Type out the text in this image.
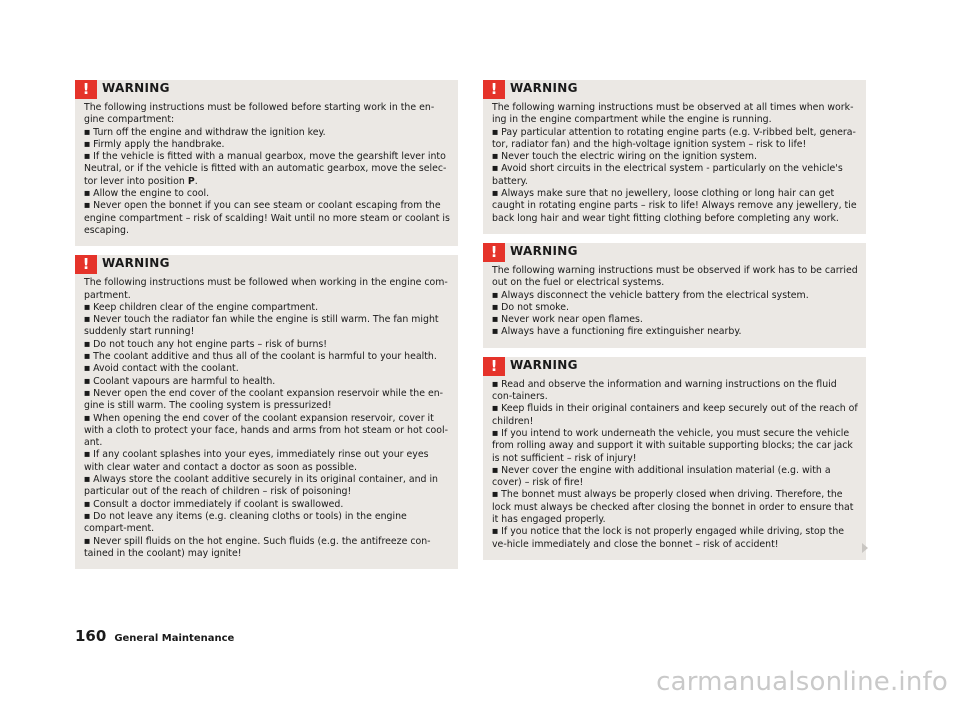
!	WARNING

The following instructions must be followed before starting work in the en-gine compartment:

■ Turn off the engine and withdraw the ignition key.

■ Firmly apply the handbrake.

■ If the vehicle is fitted with a manual gearbox, move the gearshift lever into Neutral, or if the vehicle is fitted with an automatic gearbox, move the selec-tor lever into position P.

■ Allow the engine to cool.

■ Never open the bonnet if you can see steam or coolant escaping from the engine compartment – risk of scalding! Wait until no more steam or coolant is escaping.

!	WARNING

The following instructions must be followed when working in the engine com-partment.

■ Keep children clear of the engine compartment.

■ Never touch the radiator fan while the engine is still warm. The fan might suddenly start running!

■ Do not touch any hot engine parts – risk of burns!

■ The coolant additive and thus all of the coolant is harmful to your health.

■ Avoid contact with the coolant.

■ Coolant vapours are harmful to health.

■ Never open the end cover of the coolant expansion reservoir while the en-gine is still warm. The cooling system is pressurized!

■ When opening the end cover of the coolant expansion reservoir, cover it with a cloth to protect your face, hands and arms from hot steam or hot cool-ant.

■ If any coolant splashes into your eyes, immediately rinse out your eyes with clear water and contact a doctor as soon as possible.

■ Always store the coolant additive securely in its original container, and in particular out of the reach of children – risk of poisoning!

■ Consult a doctor immediately if coolant is swallowed.

■ Do not leave any items (e.g. cleaning cloths or tools) in the engine compart-ment.

■ Never spill fluids on the hot engine. Such fluids (e.g. the antifreeze con-tained in the coolant) may ignite!

!	WARNING

The following warning instructions must be observed at all times when work-ing in the engine compartment while the engine is running.

■ Pay particular attention to rotating engine parts (e.g. V-ribbed belt, genera-tor, radiator fan) and the high-voltage ignition system – risk to life!

■ Never touch the electric wiring on the ignition system.

■ Avoid short circuits in the electrical system - particularly on the vehicle's battery.

■ Always make sure that no jewellery, loose clothing or long hair can get caught in rotating engine parts – risk to life! Always remove any jewellery, tie back long hair and wear tight fitting clothing before completing any work.

!	WARNING

The following warning instructions must be observed if work has to be carried out on the fuel or electrical systems.

■ Always disconnect the vehicle battery from the electrical system.

■ Do not smoke.

■ Never work near open flames.

■ Always have a functioning fire extinguisher nearby.

!	WARNING

■ Read and observe the information and warning instructions on the fluid con-tainers.

■ Keep fluids in their original containers and keep securely out of the reach of children!

■ If you intend to work underneath the vehicle, you must secure the vehicle from rolling away and support it with suitable supporting blocks; the car jack is not sufficient – risk of injury!

■ Never cover the engine with additional insulation material (e.g. with a cover) – risk of fire!

■ The bonnet must always be properly closed when driving. Therefore, the lock must always be checked after closing the bonnet in order to ensure that it has engaged properly.

■ If you notice that the lock is not properly engaged while driving, stop the ve-hicle immediately and close the bonnet – risk of accident!

160 General Maintenance
carmanualsonline.info
